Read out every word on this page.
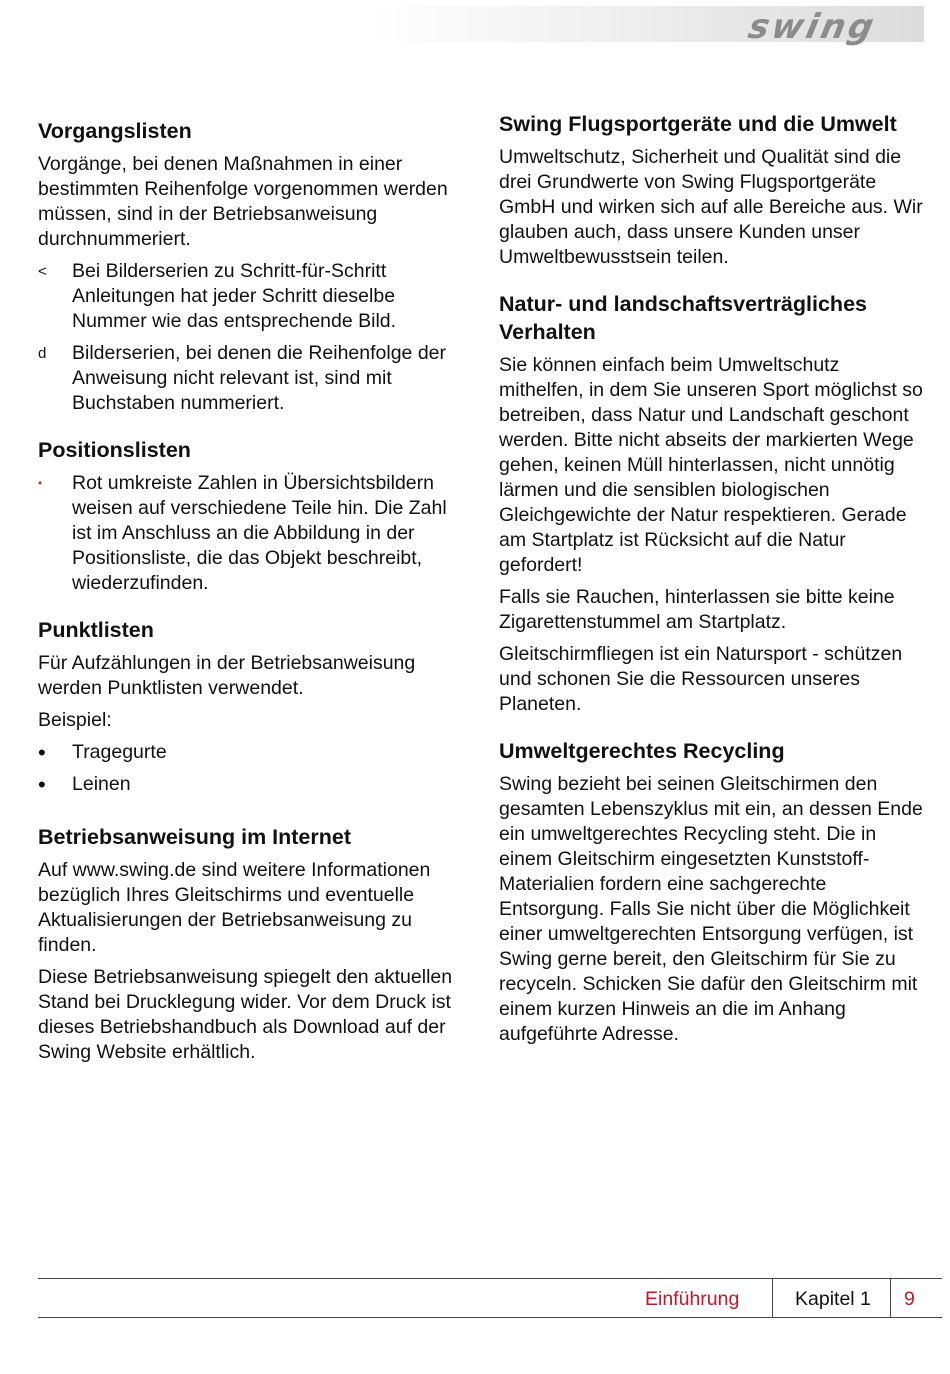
swing
Vorgangslisten

Vorgänge, bei denen Maßnahmen in einer bestimmten Reihenfolge vorgenommen werden müssen, sind in der Betriebsanweisung durchnummeriert.

<	Bei Bilderserien zu Schritt-für-Schritt Anleitungen hat jeder Schritt dieselbe Nummer wie das entsprechende Bild.
d	Bilderserien, bei denen die Reihenfolge der Anweisung nicht relevant ist, sind mit Buchstaben nummeriert.
Positionslisten
•	Rot umkreiste Zahlen in Übersichtsbildern weisen auf verschiedene Teile hin. Die Zahl ist im Anschluss an die Abbildung in der Positionsliste, die das Objekt beschreibt, wiederzufinden.
Punktlisten

Für Aufzählungen in der Betriebsanweisung werden Punktlisten verwendet.

Beispiel:

•	Tragegurte
•	Leinen
Betriebsanweisung im Internet

Auf www.swing.de sind weitere Informationen bezüglich Ihres Gleitschirms und eventuelle Aktualisierungen der Betriebsanweisung zu finden.

Diese Betriebsanweisung spiegelt den aktuellen Stand bei Drucklegung wider. Vor dem Druck ist dieses Betriebshandbuch als Download auf der Swing Website erhältlich.

Swing Flugsportgeräte und die Umwelt

Umweltschutz, Sicherheit und Qualität sind die drei Grundwerte von Swing Flugsportgeräte GmbH und wirken sich auf alle Bereiche aus. Wir glauben auch, dass unsere Kunden unser Umweltbewusstsein teilen.

Natur- und landschaftsverträgliches Verhalten

Sie können einfach beim Umweltschutz mithelfen, in dem Sie unseren Sport möglichst so betreiben, dass Natur und Landschaft geschont werden. Bitte nicht abseits der markierten Wege gehen, keinen Müll hinterlassen, nicht unnötig lärmen und die sensiblen biologischen Gleichgewichte der Natur respektieren. Gerade am Startplatz ist Rücksicht auf die Natur gefordert!

Falls sie Rauchen, hinterlassen sie bitte keine Zigarettenstummel am Startplatz.

Gleitschirmfliegen ist ein Natursport - schützen und schonen Sie die Ressourcen unseres Planeten.

Umweltgerechtes Recycling

Swing bezieht bei seinen Gleitschirmen den gesamten Lebenszyklus mit ein, an dessen Ende ein umweltgerechtes Recycling steht. Die in einem Gleitschirm eingesetzten Kunststoff-Materialien fordern eine sachgerechte Entsorgung. Falls Sie nicht über die Möglichkeit einer umweltgerechten Entsorgung verfügen, ist Swing gerne bereit, den Gleitschirm für Sie zu recyceln. Schicken Sie dafür den Gleitschirm mit einem kurzen Hinweis an die im Anhang aufgeführte Adresse.

Einführung	Kapitel 1 9
